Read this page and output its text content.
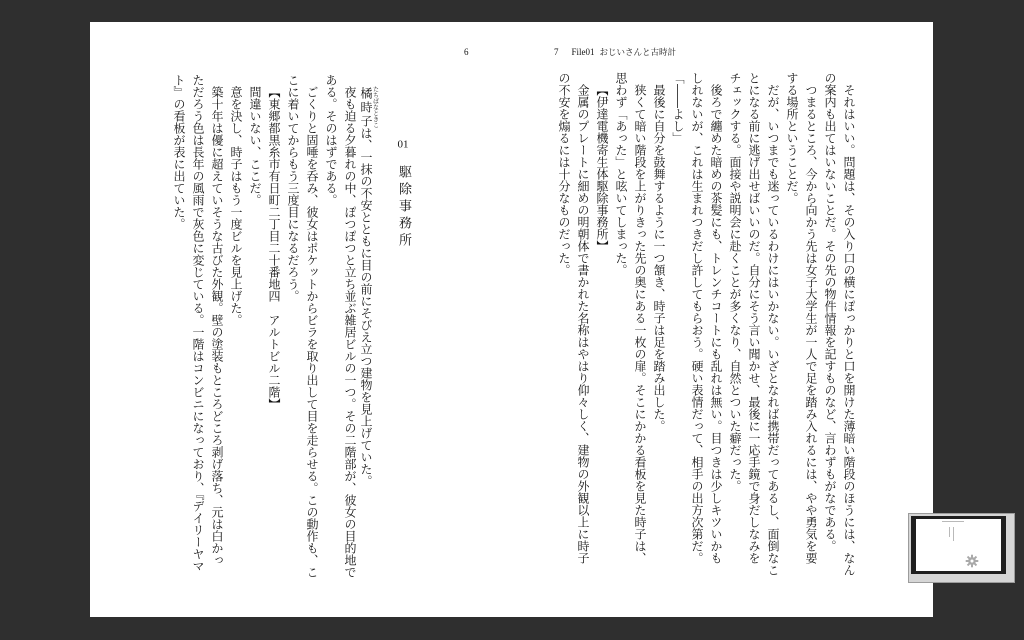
6	7 File01 おじいさんと古時計
01駆除事務所
橘時子たちばなときこは、一抹の不安とともに目の前にそびえ立つ建物を見上げていた。
夜も迫る夕暮れの中、ぽつぽつと立ち並ぶ雑居ビルの一つ。その二階部が、彼女の目的地で
ある。そのはずである。
ごくりと固唾を呑み、彼女はポケットからビラを取り出して目を走らせる。この動作も、こ
こに着いてからもう三度目になるだろう。
【東郷都黒糸市有日町二丁目二十番地四　アルトビル二階】
間違いない、ここだ。
意を決し、時子はもう一度ビルを見上げた。
築十年は優に超えていそうな古びた外観。壁の塗装もところどころ剥げ落ち、元は白かっ
ただろう色は長年の風雨で灰色に変じている。一階はコンビニになっており、『デイリーヤマ
ト』の看板が表に出ていた。	それはいい。問題は、その入り口の横にぽっかりと口を開けた薄暗い階段のほうには、なん
の案内も出てはいないことだ。その先の物件情報を記すものなど、言わずもがなである。
つまるところ、今から向かう先は女子大学生が一人で足を踏み入れるには、やや勇気を要
する場所ということだ。
だが、いつまでも迷っているわけにはいかない。いざとなれば携帯だってあるし、面倒なこ
とになる前に逃げ出せばいいのだ。自分にそう言い聞かせ、最後に一応手鏡で身だしなみを
チェックする。面接や説明会に赴くことが多くなり、自然とついた癖だった。
後ろで纏めた暗めの茶髪にも、トレンチコートにも乱れは無い。目つきは少しキツいかも
しれないが、これは生まれつきだし許してもらおう。硬い表情だって、相手の出方次第だ。
「――よし」
最後に自分を鼓舞するように一つ頷き、時子は足を踏み出した。
狭くて暗い階段を上がりきった先の奥にある一枚の扉。そこにかかる看板を見た時子は、
思わず「あった」と呟いてしまった。
【伊達電機寄生体駆除事務所】
金属のプレートに細めの明朝体で書かれた名称はやはり仰々しく、建物の外観以上に時子
の不安を煽るには十分なものだった。
